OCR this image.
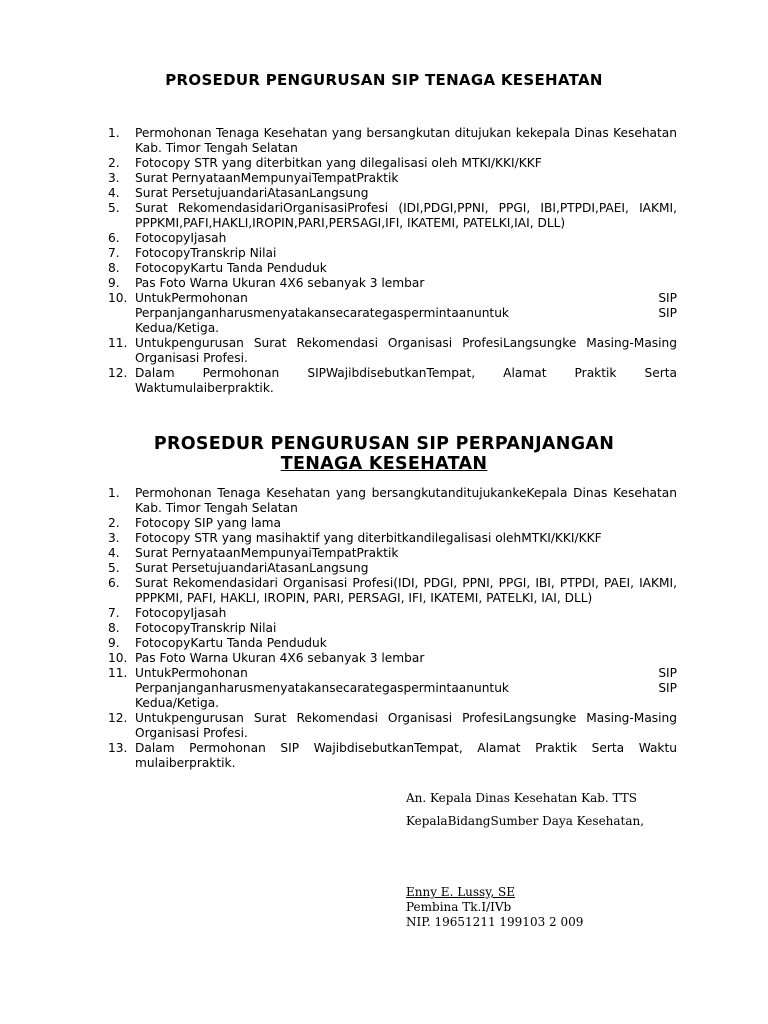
PROSEDUR PENGURUSAN SIP TENAGA KESEHATAN
1.	Permohonan Tenaga Kesehatan yang bersangkutan ditujukan kekepala Dinas Kesehatan Kab. Timor Tengah Selatan
2.	Fotocopy STR yang diterbitkan yang dilegalisasi oleh MTKI/KKI/KKF
3.	Surat PernyataanMempunyaiTempatPraktik
4.	Surat PersetujuandariAtasanLangsung
5.	Surat RekomendasidariOrganisasiProfesi (IDI,PDGI,PPNI, PPGI, IBI,PTPDI,PAEI, IAKMI, PPPKMI,PAFI,HAKLI,IROPIN,PARI,PERSAGI,IFI, IKATEMI, PATELKI,IAI, DLL)
6.	FotocopyIjasah
7.	FotocopyTranskrip Nilai
8.	FotocopyKartu Tanda Penduduk
9.	Pas Foto Warna Ukuran 4X6 sebanyak 3 lembar
10. UntukPermohonan	SIP
Perpanjanganharusmenyatakansecarategaspermintaanuntuk	SIP
Kedua/Ketiga.
11. Untukpengurusan Surat Rekomendasi Organisasi ProfesiLangsungke Masing-Masing Organisasi Profesi.
12. Dalam Permohonan SIPWajibdisebutkanTempat, Alamat Praktik Serta Waktumulaiberpraktik.
PROSEDUR PENGURUSAN SIP PERPANJANGAN
TENAGA KESEHATAN
1.	Permohonan Tenaga Kesehatan yang bersangkutanditujukankeKepala Dinas Kesehatan Kab. Timor Tengah Selatan
2.	Fotocopy SIP yang lama
3.	Fotocopy STR yang masihaktif yang diterbitkandilegalisasi olehMTKI/KKI/KKF
4.	Surat PernyataanMempunyaiTempatPraktik
5.	Surat PersetujuandariAtasanLangsung
6.	Surat Rekomendasidari Organisasi Profesi(IDI, PDGI, PPNI, PPGI, IBI, PTPDI, PAEI, IAKMI, PPPKMI, PAFI, HAKLI, IROPIN, PARI, PERSAGI, IFI, IKATEMI, PATELKI, IAI, DLL)
7.	FotocopyIjasah
8.	FotocopyTranskrip Nilai
9.	FotocopyKartu Tanda Penduduk
10. Pas Foto Warna Ukuran 4X6 sebanyak 3 lembar
11. UntukPermohonan	SIP
Perpanjanganharusmenyatakansecarategaspermintaanuntuk	SIP
Kedua/Ketiga.
12. Untukpengurusan Surat Rekomendasi Organisasi ProfesiLangsungke Masing-Masing Organisasi Profesi.
13. Dalam Permohonan SIP WajibdisebutkanTempat, Alamat Praktik Serta Waktu mulaiberpraktik.
An. Kepala Dinas Kesehatan Kab. TTS
KepalaBidangSumber Daya Kesehatan,
Enny E. Lussy, SE
Pembina Tk.I/IVb
NIP. 19651211 199103 2 009
